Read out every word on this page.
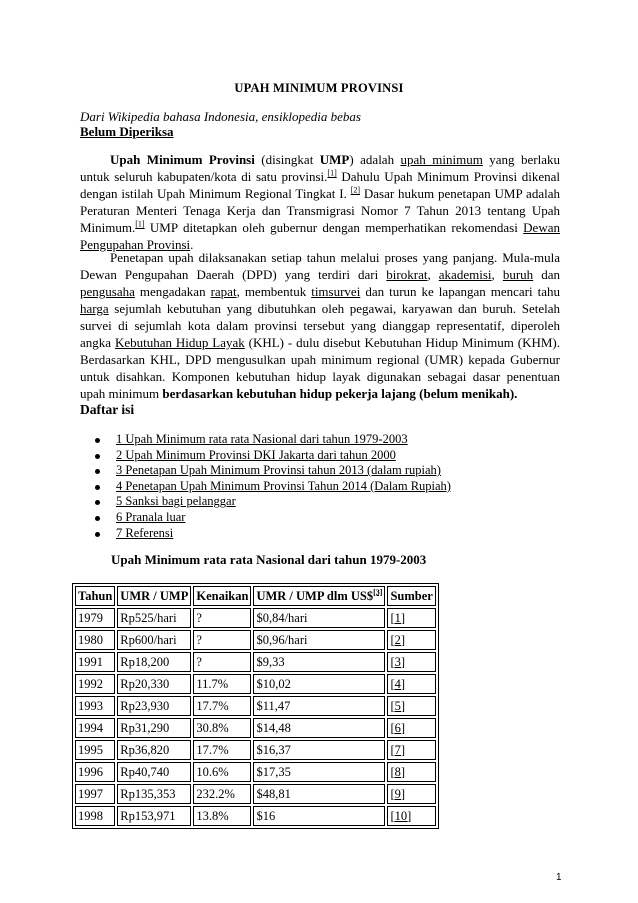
UPAH MINIMUM PROVINSI
Dari Wikipedia bahasa Indonesia, ensiklopedia bebas
Belum Diperiksa

Upah Minimum Provinsi (disingkat UMP) adalah upah minimum yang berlaku untuk seluruh kabupaten/kota di satu provinsi.[1] Dahulu Upah Minimum Provinsi dikenal dengan istilah Upah Minimum Regional Tingkat I. [2] Dasar hukum penetapan UMP adalah Peraturan Menteri Tenaga Kerja dan Transmigrasi Nomor 7 Tahun 2013 tentang Upah Minimum.[1] UMP ditetapkan oleh gubernur dengan memperhatikan rekomendasi Dewan Pengupahan Provinsi.

Penetapan upah dilaksanakan setiap tahun melalui proses yang panjang. Mula-mula Dewan Pengupahan Daerah (DPD) yang terdiri dari birokrat, akademisi, buruh dan pengusaha mengadakan rapat, membentuk timsurvei dan turun ke lapangan mencari tahu harga sejumlah kebutuhan yang dibutuhkan oleh pegawai, karyawan dan buruh. Setelah survei di sejumlah kota dalam provinsi tersebut yang dianggap representatif, diperoleh angka Kebutuhan Hidup Layak (KHL) - dulu disebut Kebutuhan Hidup Minimum (KHM). Berdasarkan KHL, DPD mengusulkan upah minimum regional (UMR) kepada Gubernur untuk disahkan. Komponen kebutuhan hidup layak digunakan sebagai dasar penentuan upah minimum berdasarkan kebutuhan hidup pekerja lajang (belum menikah).

Daftar isi
1 Upah Minimum rata rata Nasional dari tahun 1979-2003
2 Upah Minimum Provinsi DKI Jakarta dari tahun 2000
3 Penetapan Upah Minimum Provinsi tahun 2013 (dalam rupiah)
4 Penetapan Upah Minimum Provinsi Tahun 2014 (Dalam Rupiah)
5 Sanksi bagi pelanggar
6 Pranala luar
7 Referensi
Upah Minimum rata rata Nasional dari tahun 1979-2003
Tahun	UMR / UMP	Kenaikan	UMR / UMP dlm US$[3]	Sumber
1979	Rp525/hari	?	$0,84/hari	[1]
1980	Rp600/hari	?	$0,96/hari	[2]
1991	Rp18,200	?	$9,33	[3]
1992	Rp20,330	11.7%	$10,02	[4]
1993	Rp23,930	17.7%	$11,47	[5]
1994	Rp31,290	30.8%	$14,48	[6]
1995	Rp36,820	17.7%	$16,37	[7]
1996	Rp40,740	10.6%	$17,35	[8]
1997	Rp135,353	232.2%	$48,81	[9]
1998	Rp153,971	13.8%	$16	[10]
1
